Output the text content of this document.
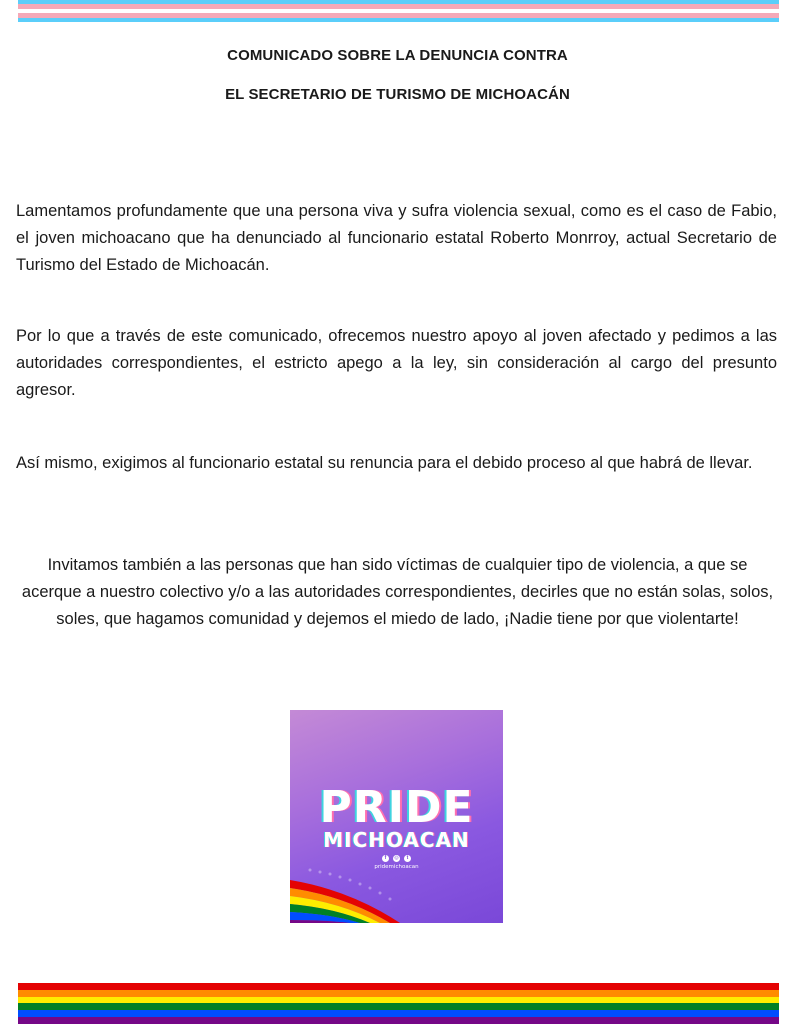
COMUNICADO SOBRE LA DENUNCIA CONTRA
EL SECRETARIO DE TURISMO DE MICHOACÁN
Lamentamos profundamente que una persona viva y sufra violencia sexual, como es el caso de Fabio, el joven michoacano que ha denunciado al funcionario estatal Roberto Monrroy, actual Secretario de Turismo del Estado de Michoacán.
Por lo que a través de este comunicado, ofrecemos nuestro apoyo al joven afectado y pedimos a las autoridades correspondientes, el estricto apego a la ley, sin consideración al cargo del presunto agresor.
Así mismo, exigimos al funcionario estatal su renuncia para el debido proceso al que habrá de llevar.
Invitamos también a las personas que han sido víctimas de cualquier tipo de violencia, a que se acerque a nuestro colectivo y/o a las autoridades correspondientes, decirles que no están solas, solos, soles, que hagamos comunidad y dejemos el miedo de lado, ¡Nadie tiene por que violentarte!
PRIDE
MICHOACAN
f	◎	t
pridemichoacan
